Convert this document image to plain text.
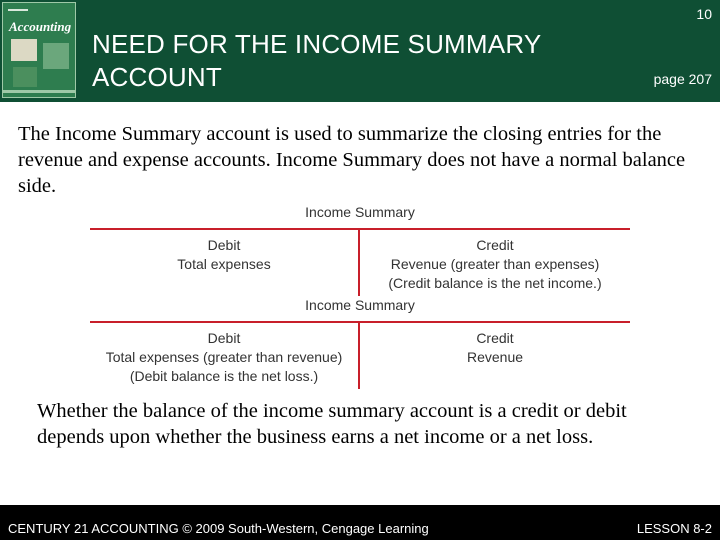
Accounting
NEED FOR THE INCOME SUMMARY
ACCOUNT
10
page 207

The Income Summary account is used to summarize the closing entries for the revenue and expense accounts. Income Summary does not have a normal balance side.

Income Summary
Debit
Total expenses
Credit
Revenue (greater than expenses)
(Credit balance is the net income.)
Income Summary
Debit
Total expenses (greater than revenue)
(Debit balance is the net loss.)
Credit
Revenue

Whether the balance of the income summary account is a credit or debit depends upon whether the business earns a net income or a net loss.

CENTURY 21 ACCOUNTING © 2009 South-Western, Cengage Learning	LESSON 8-2
